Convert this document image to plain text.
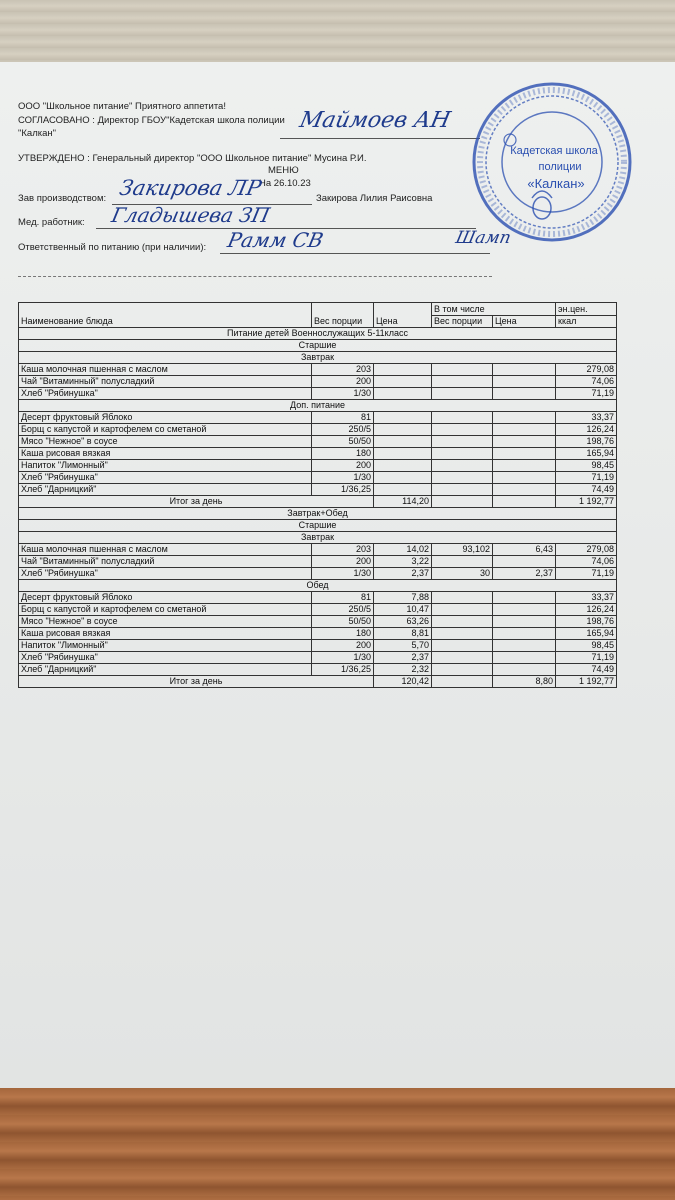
ООО "Школьное питание" Приятного аппетита!
СОГЛАСОВАНО : Директор ГБОУ"Кадетская школа полиции
"Калкан"
Маймоев АН
УТВЕРЖДЕНО : Генеральный директор "ООО Школьное питание" Мусина Р.И.
МЕНЮ
На 26.10.23
Зав производством: Закирова ЛР	Закирова Лилия Раисовна
Мед. работник: Гладышева ЗП
Ответственный по питанию (при наличии): Рамм СВ	Шамп
Кадетская школа
полиции
«Калкан»
Наименование блюда	Вес порции	Цена	В том числе		эн.цен.
			Вес порции	Цена	ккал
Питание детей Военнослужащих 5-11класс					
Старшие					
Завтрак					
Каша молочная пшенная с маслом	203				279,08
Чай "Витаминный" полусладкий	200				74,06
Хлеб "Рябинушка"	1/30				71,19
Доп. питание					
Десерт фруктовый Яблоко	81				33,37
Борщ с капустой и картофелем со сметаной	250/5				126,24
Мясо "Нежное" в соусе	50/50				198,76
Каша рисовая вязкая	180				165,94
Напиток "Лимонный"	200				98,45
Хлеб "Рябинушка"	1/30				71,19
Хлеб "Дарницкий"	1/36,25				74,49
Итог за день		114,20			1 192,77
Завтрак+Обед					
Старшие					
Завтрак					
Каша молочная пшенная с маслом	203	14,02	93,102	6,43	279,08
Чай "Витаминный" полусладкий	200	3,22			74,06
Хлеб "Рябинушка"	1/30	2,37	30	2,37	71,19
Обед					
Десерт фруктовый Яблоко	81	7,88			33,37
Борщ с капустой и картофелем со сметаной	250/5	10,47			126,24
Мясо "Нежное" в соусе	50/50	63,26			198,76
Каша рисовая вязкая	180	8,81			165,94
Напиток "Лимонный"	200	5,70			98,45
Хлеб "Рябинушка"	1/30	2,37			71,19
Хлеб "Дарницкий"	1/36,25	2,32			74,49
Итог за день		120,42		8,80	1 192,77
